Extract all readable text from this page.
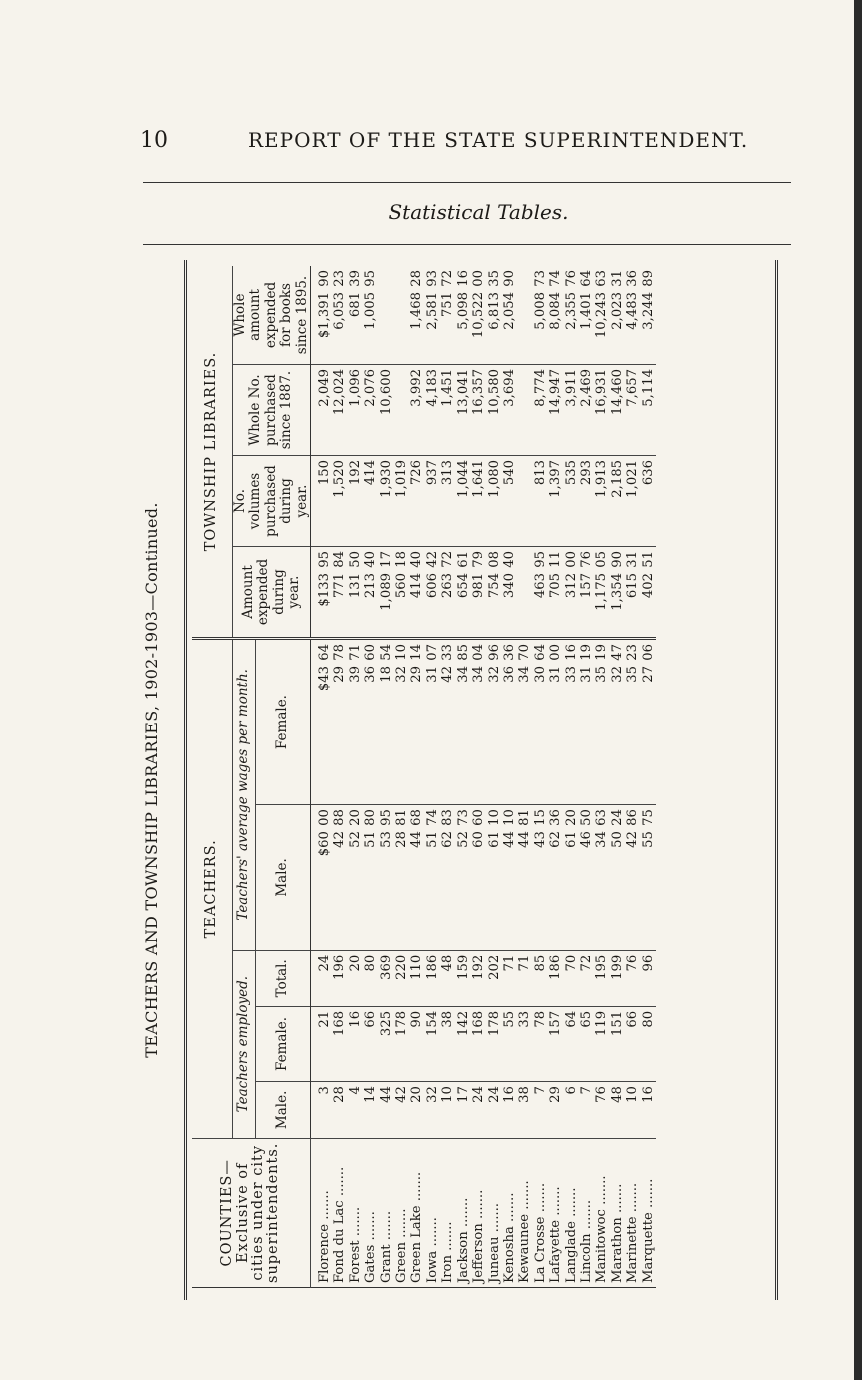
10	REPORT OF THE STATE SUPERINTENDENT.
Statistical Tables.
TEACHERS AND TOWNSHIP LIBRARIES, 1902-1903—Continued.
COUNTIES— Exclusive of cities under city superintendents.	TEACHERS.					TOWNSHIP LIBRARIES.			
	Teachers employed.			Teachers' average wages per month.		Amount expended during year.	No. volumes purchased during year.	Whole No. purchased since 1887.	Whole amount expended for books since 1895.
	Male.	Female.	Total.	Male.	Female.				

Florence .......	3	21	24	$6000	$4364	$13395	150	2,049	$1,39190
Fond du Lac .......	28	168	196	4288	2978	77184	1,520	12,024	6,05323
Forest .......	4	16	20	5220	3971	13150	192	1,096	68139
Gates .......	14	66	80	5180	3660	21340	414	2,076	1,00595
Grant .......	44	325	369	5395	1854	1,08917	1,930	10,600	
Green .......	42	178	220	2881	3210	56018	1,019		
Green Lake .......	20	90	110	4468	2914	41440	726	3,992	1,46828
Iowa .......	32	154	186	5174	3107	60642	937	4,183	2,58193
Iron .......	10	38	48	6283	4233	26372	313	1,451	75172
Jackson .......	17	142	159	5273	3485	65461	1,044	13,041	5,09816
Jefferson .......	24	168	192	6060	3404	98179	1,641	16,357	10,52200
Juneau .......	24	178	202	6110	3296	75408	1,080	10,580	6,81335
Kenosha .......	16	55	71	4410	3636	34040	540	3,694	2,05490
Kewaunee .......	38	33	71	4481	3470				
La Crosse .......	7	78	85	4315	3064	46395	813	8,774	5,00873
Lafayette .......	29	157	186	6236	3100	70511	1,397	14,947	8,08474
Langlade .......	6	64	70	6120	3316	31200	535	3,911	2,35576
Lincoln .......	7	65	72	4650	3119	15776	293	2,469	1,40164
Manitowoc .......	76	119	195	3463	3519	1,17505	1,913	16,931	10,24363
Marathon .......	48	151	199	5024	3247	1,35490	2,185	14,460	2,02331
Marinette .......	10	66	76	4286	3523	61531	1,021	7,657	4,48336
Marquette .......	16	80	96	5575	2706	40251	636	5,114	3,24489
